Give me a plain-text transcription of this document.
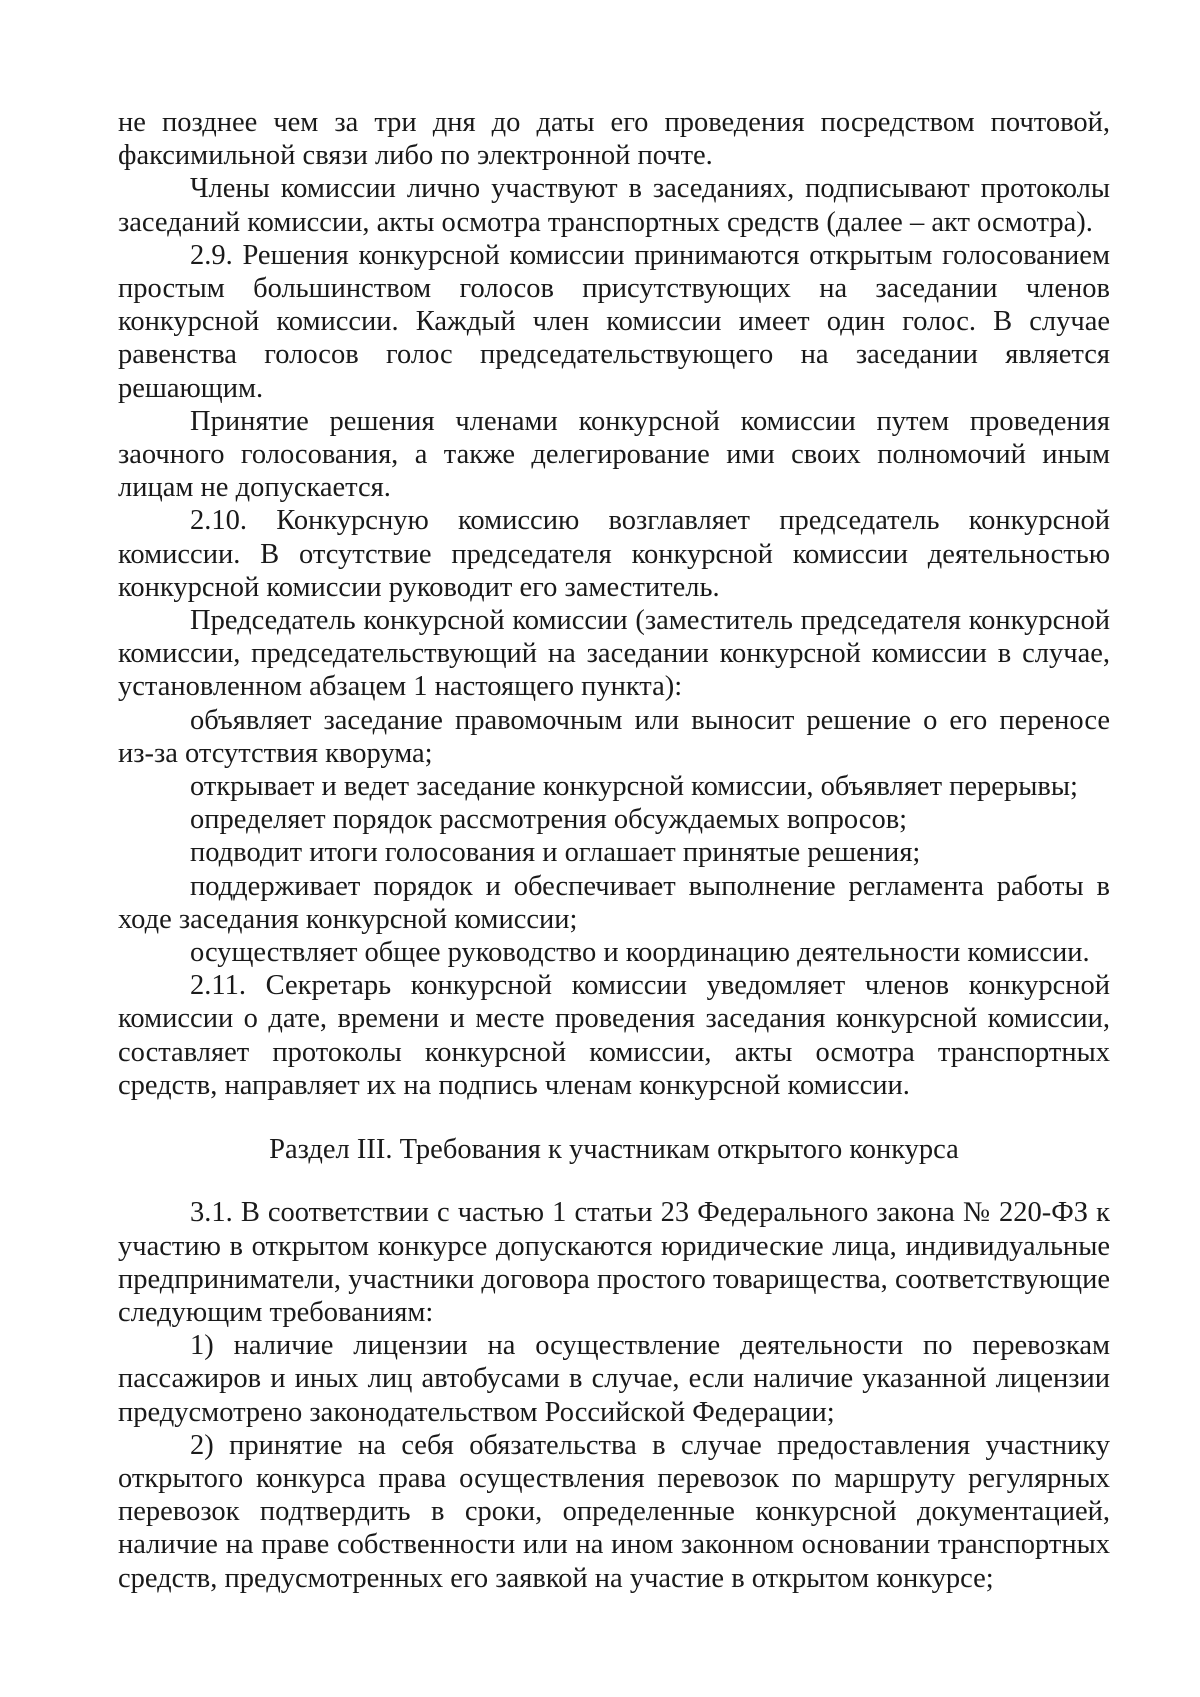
не позднее чем за три дня до даты его проведения посредством почтовой, факсимильной связи либо по электронной почте.

Члены комиссии лично участвуют в заседаниях, подписывают протоколы заседаний комиссии, акты осмотра транспортных средств (далее – акт осмотра).

2.9. Решения конкурсной комиссии принимаются открытым голосованием простым большинством голосов присутствующих на заседании членов конкурсной комиссии. Каждый член комиссии имеет один голос. В случае равенства голосов голос председательствующего на заседании является решающим.

Принятие решения членами конкурсной комиссии путем проведения заочного голосования, а также делегирование ими своих полномочий иным лицам не допускается.

2.10. Конкурсную комиссию возглавляет председатель конкурсной комиссии. В отсутствие председателя конкурсной комиссии деятельностью конкурсной комиссии руководит его заместитель.

Председатель конкурсной комиссии (заместитель председателя конкурсной комиссии, председательствующий на заседании конкурсной комиссии в случае, установленном абзацем 1 настоящего пункта):

объявляет заседание правомочным или выносит решение о его переносе из-за отсутствия кворума;

открывает и ведет заседание конкурсной комиссии, объявляет перерывы;

определяет порядок рассмотрения обсуждаемых вопросов;

подводит итоги голосования и оглашает принятые решения;

поддерживает порядок и обеспечивает выполнение регламента работы в ходе заседания конкурсной комиссии;

осуществляет общее руководство и координацию деятельности комиссии.

2.11. Секретарь конкурсной комиссии уведомляет членов конкурсной комиссии о дате, времени и месте проведения заседания конкурсной комиссии, составляет протоколы конкурсной комиссии, акты осмотра транспортных средств, направляет их на подпись членам конкурсной комиссии.

Раздел III. Требования к участникам открытого конкурса

3.1. В соответствии с частью 1 статьи 23 Федерального закона № 220-ФЗ к участию в открытом конкурсе допускаются юридические лица, индивидуальные предприниматели, участники договора простого товарищества, соответствующие следующим требованиям:

1) наличие лицензии на осуществление деятельности по перевозкам пассажиров и иных лиц автобусами в случае, если наличие указанной лицензии предусмотрено законодательством Российской Федерации;

2) принятие на себя обязательства в случае предоставления участнику открытого конкурса права осуществления перевозок по маршруту регулярных перевозок подтвердить в сроки, определенные конкурсной документацией, наличие на праве собственности или на ином законном основании транспортных средств, предусмотренных его заявкой на участие в открытом конкурсе;
